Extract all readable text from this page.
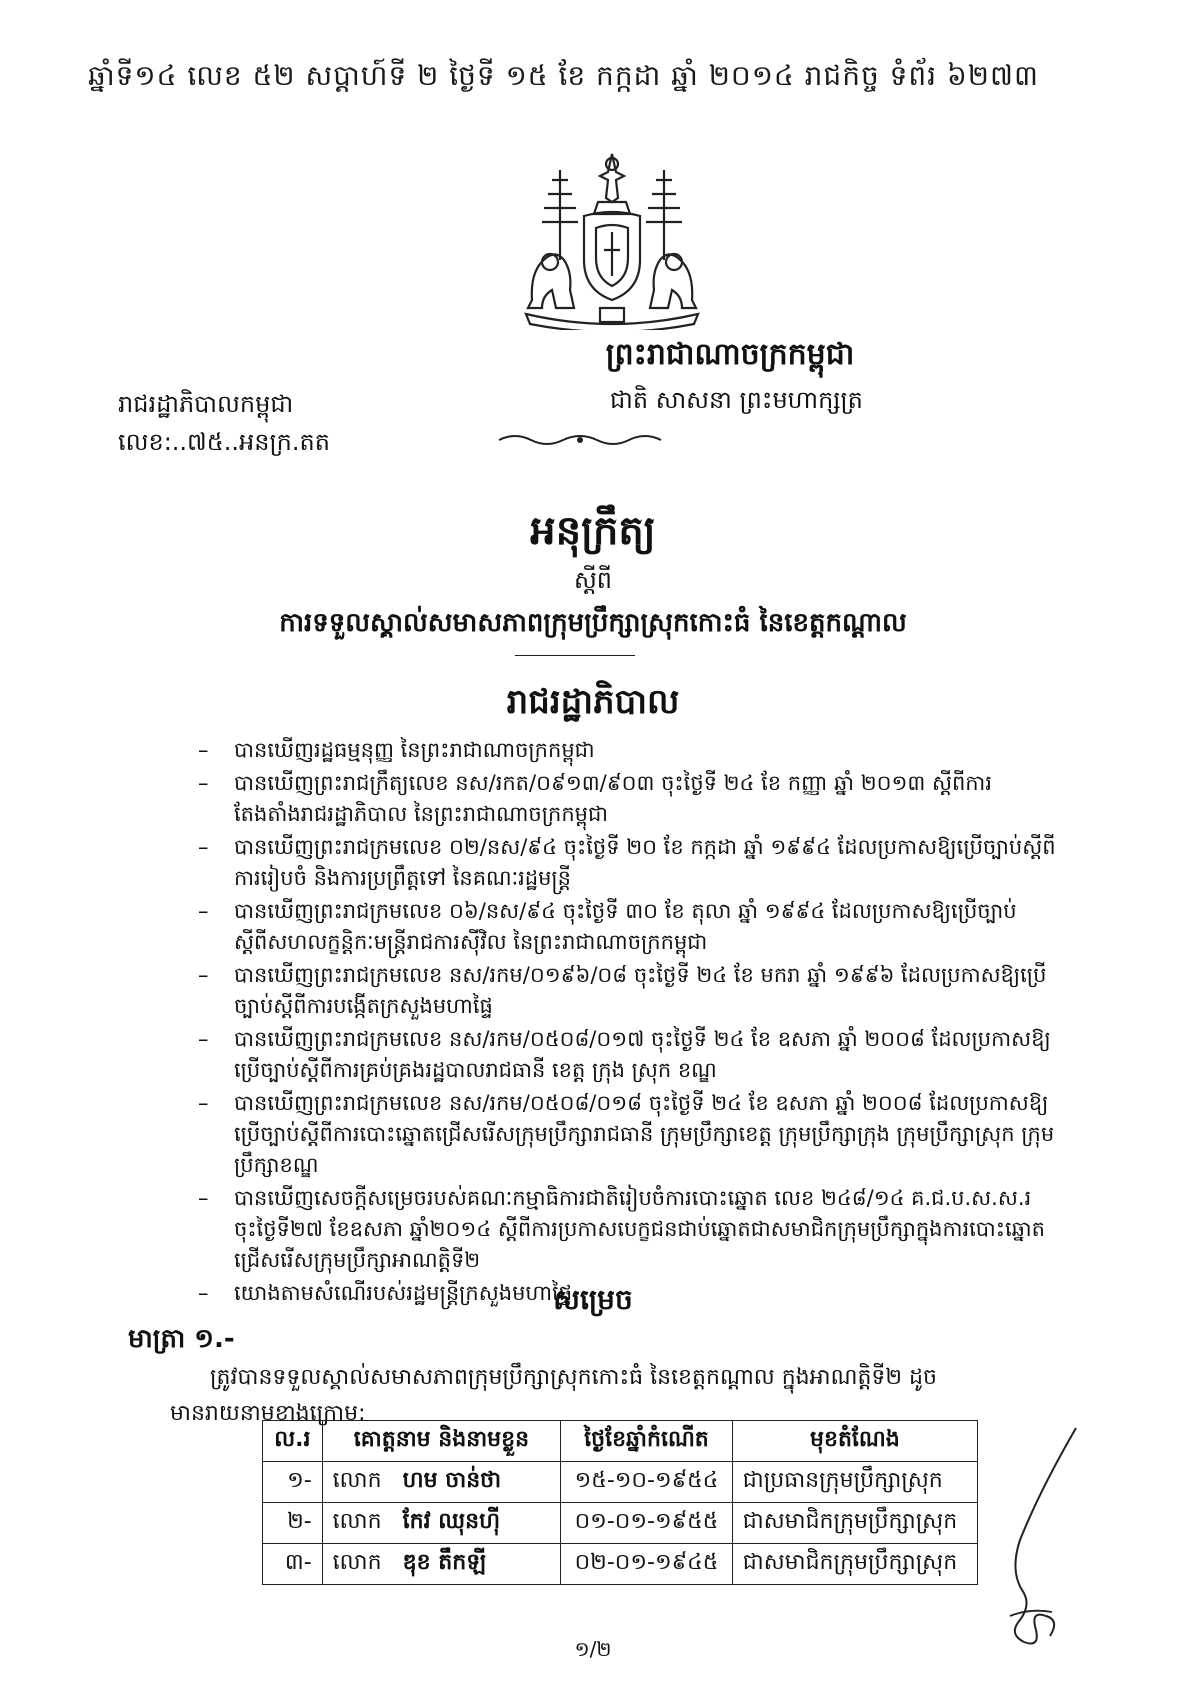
ឆ្នាំទី១៤ លេខ ៥២ សប្តាហ៍ទី ២ ថ្ងៃទី ១៥ ខែ កក្កដា ឆ្នាំ ២០១៤ រាជកិច្ច ទំព័រ ៦២៧៣
ព្រះរាជាណាចក្រកម្ពុជា
រាជរដ្ឋាភិបាលកម្ពុជា
លេខ:..៧៥..អនក្រ.តត
ជាតិ សាសនា ព្រះមហាក្សត្រ
អនុក្រឹត្យ
ស្តីពី
ការទទួលស្គាល់សមាសភាពក្រុមប្រឹក្សាស្រុកកោះធំ នៃខេត្តកណ្តាល
រាជរដ្ឋាភិបាល
– បានឃើញរដ្ឋធម្មនុញ្ញ នៃព្រះរាជាណាចក្រកម្ពុជា
– បានឃើញព្រះរាជក្រឹត្យលេខ នស/រកត/០៩១៣/៩០៣ ចុះថ្ងៃទី ២៤ ខែ កញ្ញា ឆ្នាំ ២០១៣ ស្តីពីការតែងតាំងរាជរដ្ឋាភិបាល នៃព្រះរាជាណាចក្រកម្ពុជា
– បានឃើញព្រះរាជក្រមលេខ ០២/នស/៩៤ ចុះថ្ងៃទី ២០ ខែ កក្កដា ឆ្នាំ ១៩៩៤ ដែលប្រកាសឱ្យប្រើច្បាប់ស្តីពីការរៀបចំ និងការប្រព្រឹត្តទៅ នៃគណៈរដ្ឋមន្ត្រី
– បានឃើញព្រះរាជក្រមលេខ ០៦/នស/៩៤ ចុះថ្ងៃទី ៣០ ខែ តុលា ឆ្នាំ ១៩៩៤ ដែលប្រកាសឱ្យប្រើច្បាប់ស្តីពីសហលក្ខន្តិកៈមន្ត្រីរាជការស៊ីវិល នៃព្រះរាជាណាចក្រកម្ពុជា
– បានឃើញព្រះរាជក្រមលេខ នស/រកម/០១៩៦/០៨ ចុះថ្ងៃទី ២៤ ខែ មករា ឆ្នាំ ១៩៩៦ ដែលប្រកាសឱ្យប្រើច្បាប់ស្តីពីការបង្កើតក្រសួងមហាផ្ទៃ
– បានឃើញព្រះរាជក្រមលេខ នស/រកម/០៥០៨/០១៧ ចុះថ្ងៃទី ២៤ ខែ ឧសភា ឆ្នាំ ២០០៨ ដែលប្រកាសឱ្យប្រើច្បាប់ស្តីពីការគ្រប់គ្រងរដ្ឋបាលរាជធានី ខេត្ត ក្រុង ស្រុក ខណ្ឌ
– បានឃើញព្រះរាជក្រមលេខ នស/រកម/០៥០៨/០១៨ ចុះថ្ងៃទី ២៤ ខែ ឧសភា ឆ្នាំ ២០០៨ ដែលប្រកាសឱ្យប្រើច្បាប់ស្តីពីការបោះឆ្នោតជ្រើសរើសក្រុមប្រឹក្សារាជធានី ក្រុមប្រឹក្សាខេត្ត ក្រុមប្រឹក្សាក្រុង ក្រុមប្រឹក្សាស្រុក ក្រុមប្រឹក្សាខណ្ឌ
– បានឃើញសេចក្តីសម្រេចរបស់គណៈកម្មាធិការជាតិរៀបចំការបោះឆ្នោត លេខ ២៤៨/១៤ គ.ជ.ប.ស.ស.រ ចុះថ្ងៃទី២៧ ខែឧសភា ឆ្នាំ២០១៤ ស្តីពីការប្រកាសបេក្ខជនជាប់ឆ្នោតជាសមាជិកក្រុមប្រឹក្សាក្នុងការបោះឆ្នោតជ្រើសរើសក្រុមប្រឹក្សាអាណត្តិទី២
– យោងតាមសំណើរបស់រដ្ឋមន្ត្រីក្រសួងមហាផ្ទៃ
សម្រេច
មាត្រា ១.-
ត្រូវបានទទួលស្គាល់សមាសភាពក្រុមប្រឹក្សាស្រុកកោះធំ នៃខេត្តកណ្តាល ក្នុងអាណត្តិទី២ ដូច
មានរាយនាមខាងក្រោម:
ល.រ	គោត្តនាម និងនាមខ្លួន	ថ្ងៃខែឆ្នាំកំណើត	មុខតំណែង
១-	លោក ហម ចាន់ថា	១៥-១០-១៩៥៤	ជាប្រធានក្រុមប្រឹក្សាស្រុក
២-	លោក កែវ ឈុនហ៊ី	០១-០១-១៩៥៥	ជាសមាជិកក្រុមប្រឹក្សាស្រុក
៣-	លោក ឌុខ តឹកឡី	០២-០១-១៩៤៥	ជាសមាជិកក្រុមប្រឹក្សាស្រុក
១/២
